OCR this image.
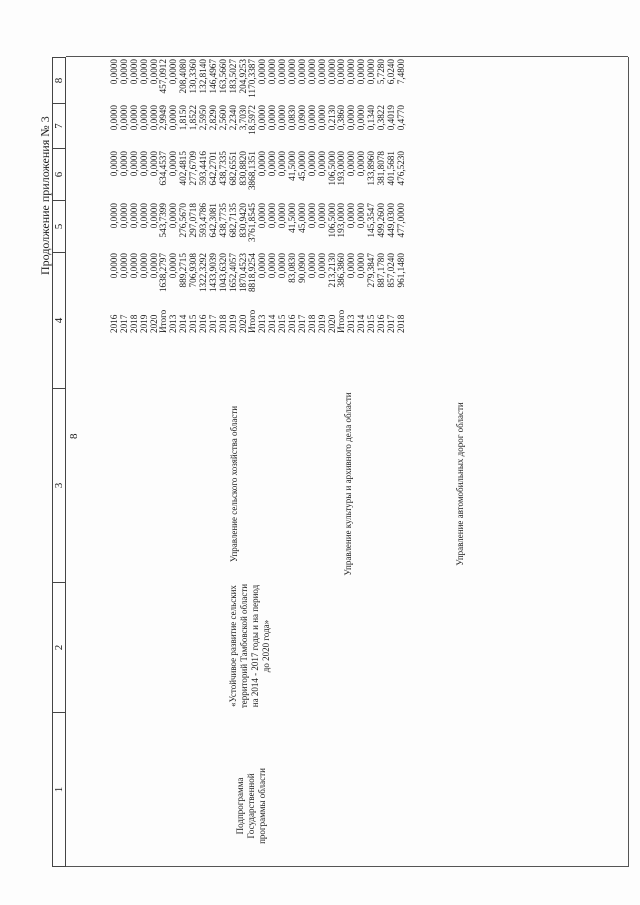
8
Продолжение приложения № 3
1
2
3
4
5
6
7
8
Подпрограмма Государственной программы области
«Устойчивое развитие сельских территорий Тамбовской области на 2014 - 2017 годы и на период до 2020 года»
Управление сельского хозяйства области	Управление культуры и архивного дела области	Управление автомобильных дорог области
2016 2017 2018 2019 2020 Итого 2013 2014 2015 2016 2017 2018 2019 2020 Итого 2013 2014 2015 2016 2017 2018 2019 2020 Итого 2013 2014 2015 2016 2017 2018
0,0000 0,0000 0,0000 0,0000 0,0000 1638,2797 0,0000 889,2715 706,9308 1322,3292 1433,9039 1043,6320 1652,4057 1870,4523 8818,9254 0,0000 0,0000 0,0000 83,0830 90,0900 0,0000 0,0000 213,2130 386,3860 0,0000 0,0000 279,3847 887,1780 857,0240 961,1480
0,0000 0,0000 0,0000 0,0000 0,0000 543,7399 0,0000 276,5670 297,0718 593,4786 642,3081 438,7735 682,7135 830,9420 3761,8545 0,0000 0,0000 0,0000 41,5000 45,0000 0,0000 0,0000 106,5000 193,0000 0,0000 0,0000 145,3547 499,2600 449,0300 477,0000
0,0000 0,0000 0,0000 0,0000 0,0000 634,4537 0,0000 402,4815 277,6709 593,4416 642,2701 438,7335 682,6551 830,8820 3868,1351 0,0000 0,0000 0,0000 41,5000 45,0000 0,0000 0,0000 106,5000 193,0000 0,0000 0,0000 133,8960 381,8078 401,5681 476,5230
0,0000 0,0000 0,0000 0,0000 0,0000 2,9949 0,0000 1,8150 1,8522 2,5950 2,8290 2,5600 2,2340 3,7030 18,5972 0,0000 0,0000 0,0000 0,0830 0,0900 0,0000 0,0000 0,2130 0,3860 0,0000 0,0000 0,1340 0,3822 0,4019 0,4770
0,0000 0,0000 0,0000 0,0000 0,0000 457,0912 0,0000 208,4080 130,3360 132,8140 146,4967 163,5660 183,5027 204,9253 1170,3387 0,0000 0,0000 0,0000 0,0000 0,0000 0,0000 0,0000 0,0000 0,0000 0,0000 0,0000 0,0000 5,7280 6,0240 7,4800
